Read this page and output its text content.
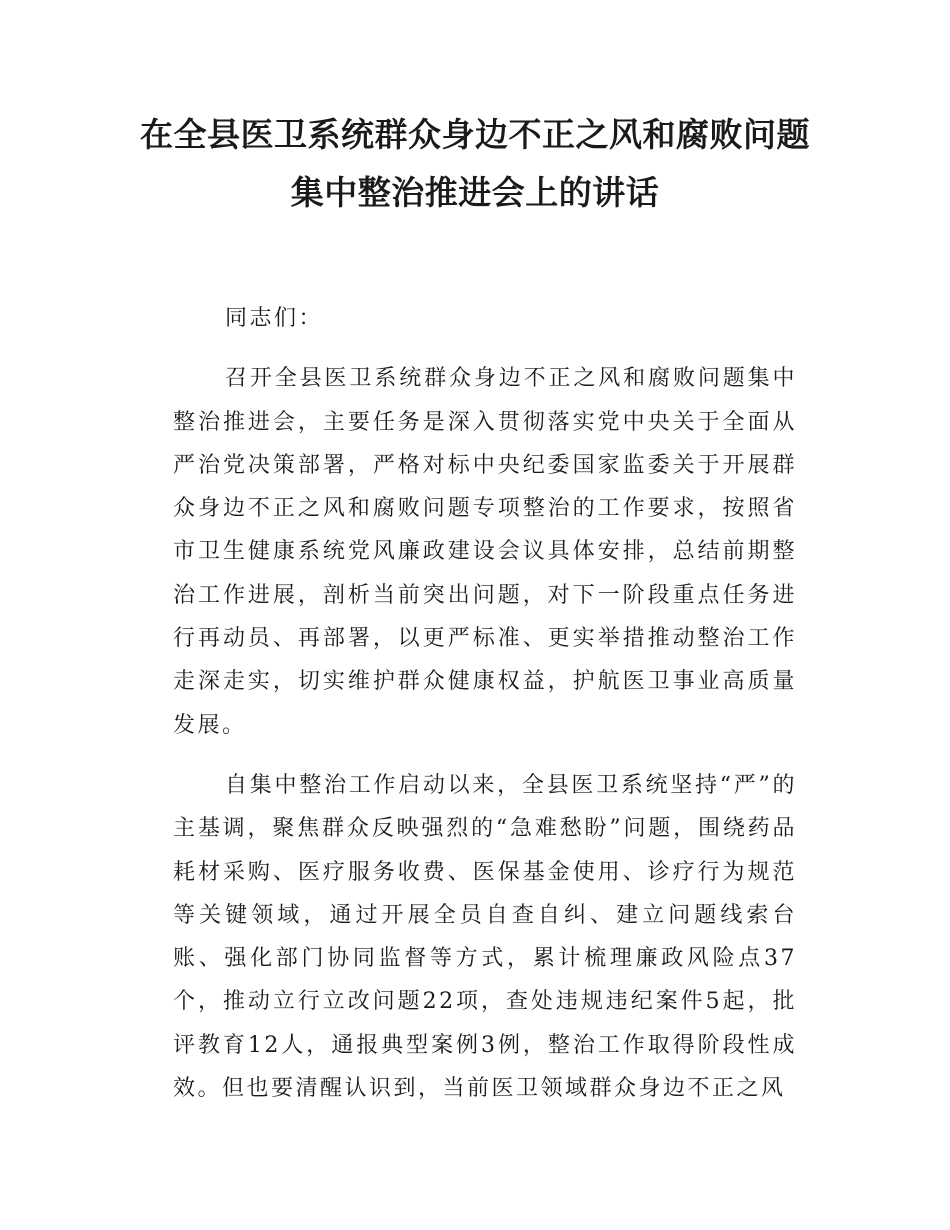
在全县医卫系统群众身边不正之风和腐败问题集中整治推进会上的讲话

同志们：

召开全县医卫系统群众身边不正之风和腐败问题集中整治推进会，主要任务是深入贯彻落实党中央关于全面从严治党决策部署，严格对标中央纪委国家监委关于开展群众身边不正之风和腐败问题专项整治的工作要求，按照省市卫生健康系统党风廉政建设会议具体安排，总结前期整治工作进展，剖析当前突出问题，对下一阶段重点任务进行再动员、再部署，以更严标准、更实举措推动整治工作走深走实，切实维护群众健康权益，护航医卫事业高质量发展。

自集中整治工作启动以来，全县医卫系统坚持“严”的主基调，聚焦群众反映强烈的“急难愁盼”问题，围绕药品耗材采购、医疗服务收费、医保基金使用、诊疗行为规范等关键领域，通过开展全员自查自纠、建立问题线索台账、强化部门协同监督等方式，累计梳理廉政风险点37个，推动立行立改问题22项，查处违规违纪案件5起，批评教育12人，通报典型案例3例，整治工作取得阶段性成效。但也要清醒认识到，当前医卫领域群众身边不正之风
